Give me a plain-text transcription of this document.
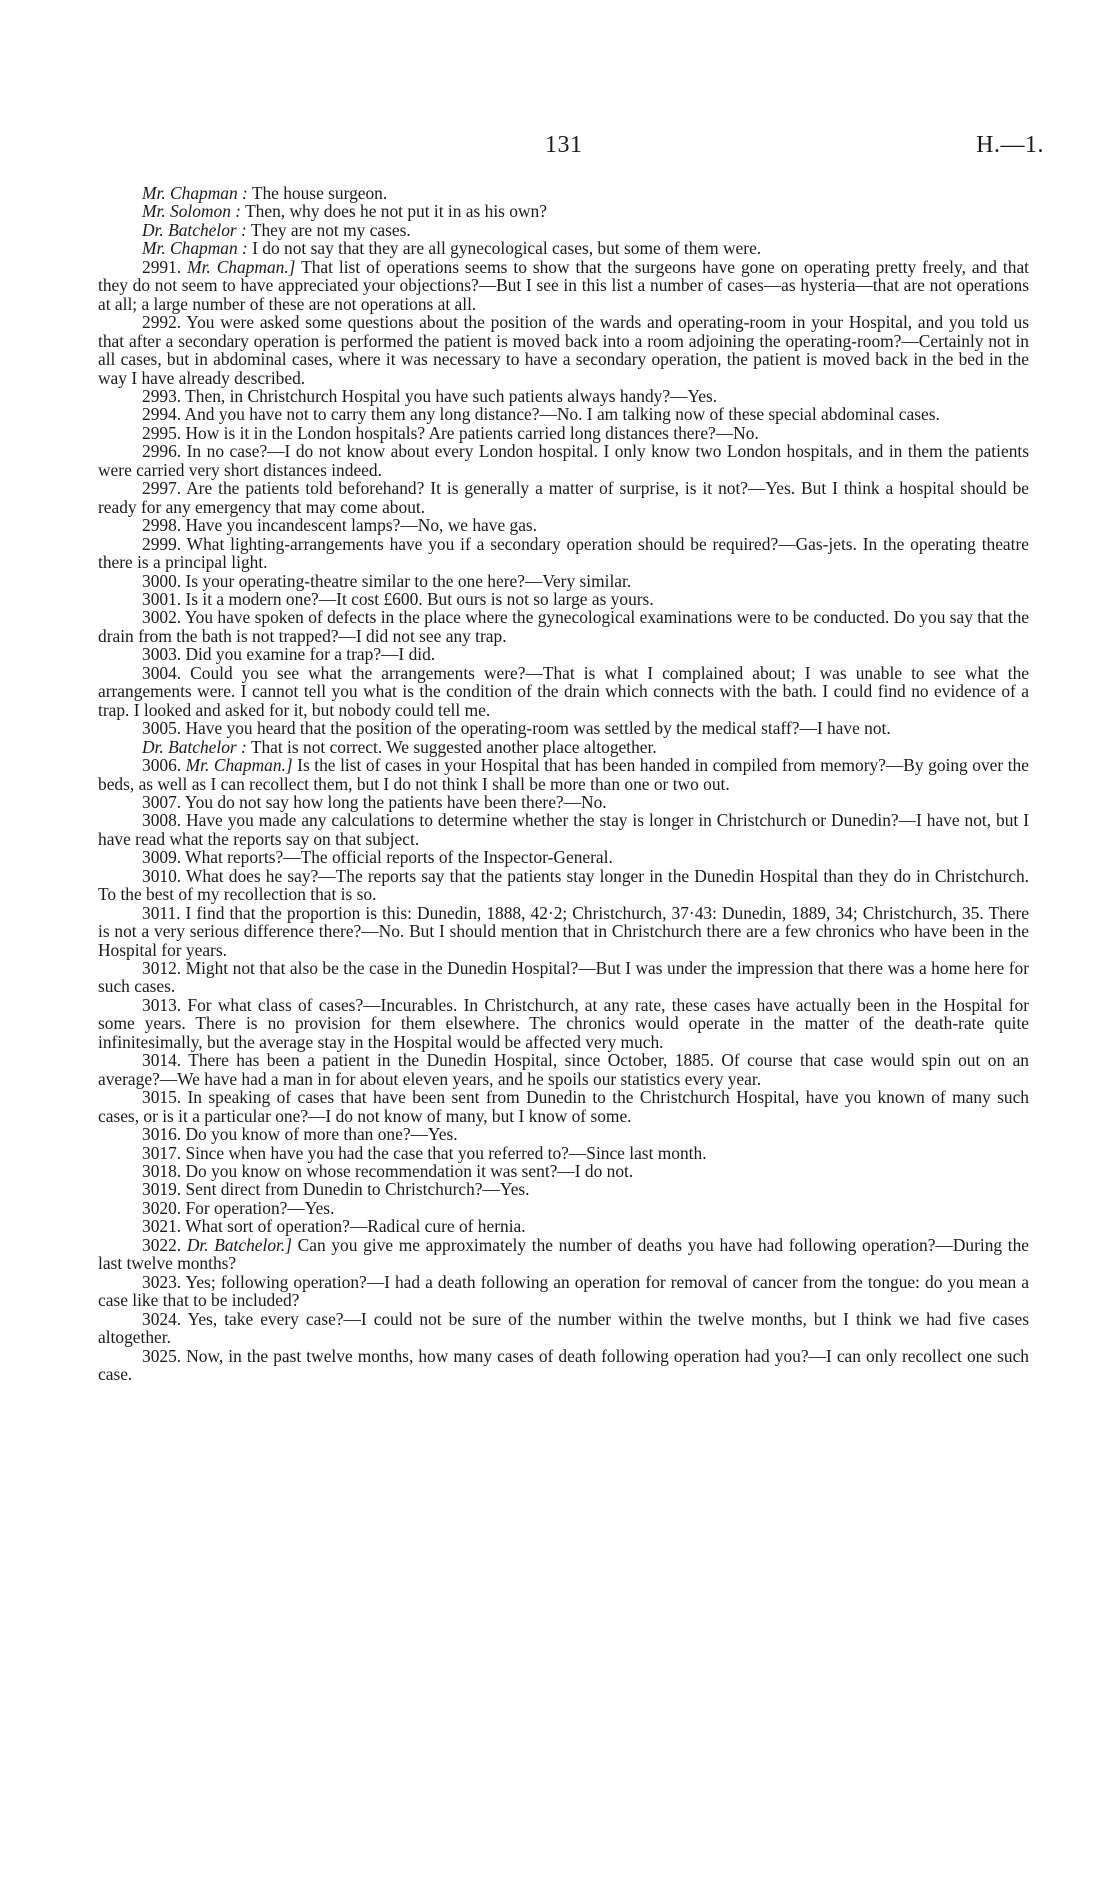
131	H.—1.

Mr. Chapman : The house surgeon.

Mr. Solomon : Then, why does he not put it in as his own?

Dr. Batchelor : They are not my cases.

Mr. Chapman : I do not say that they are all gynecological cases, but some of them were.

2991. Mr. Chapman.] That list of operations seems to show that the surgeons have gone on operating pretty freely, and that they do not seem to have appreciated your objections?—But I see in this list a number of cases—as hysteria—that are not operations at all; a large number of these are not operations at all.

2992. You were asked some questions about the position of the wards and operating-room in your Hospital, and you told us that after a secondary operation is performed the patient is moved back into a room adjoining the operating-room?—Certainly not in all cases, but in abdominal cases, where it was necessary to have a secondary operation, the patient is moved back in the bed in the way I have already described.

2993. Then, in Christchurch Hospital you have such patients always handy?—Yes.

2994. And you have not to carry them any long distance?—No. I am talking now of these special abdominal cases.

2995. How is it in the London hospitals? Are patients carried long distances there?—No.

2996. In no case?—I do not know about every London hospital. I only know two London hospitals, and in them the patients were carried very short distances indeed.

2997. Are the patients told beforehand? It is generally a matter of surprise, is it not?—Yes. But I think a hospital should be ready for any emergency that may come about.

2998. Have you incandescent lamps?—No, we have gas.

2999. What lighting-arrangements have you if a secondary operation should be required?—Gas-jets. In the operating theatre there is a principal light.

3000. Is your operating-theatre similar to the one here?—Very similar.

3001. Is it a modern one?—It cost £600. But ours is not so large as yours.

3002. You have spoken of defects in the place where the gynecological examinations were to be conducted. Do you say that the drain from the bath is not trapped?—I did not see any trap.

3003. Did you examine for a trap?—I did.

3004. Could you see what the arrangements were?—That is what I complained about; I was unable to see what the arrangements were. I cannot tell you what is the condition of the drain which connects with the bath. I could find no evidence of a trap. I looked and asked for it, but nobody could tell me.

3005. Have you heard that the position of the operating-room was settled by the medical staff?—I have not.

Dr. Batchelor : That is not correct. We suggested another place altogether.

3006. Mr. Chapman.] Is the list of cases in your Hospital that has been handed in compiled from memory?—By going over the beds, as well as I can recollect them, but I do not think I shall be more than one or two out.

3007. You do not say how long the patients have been there?—No.

3008. Have you made any calculations to determine whether the stay is longer in Christchurch or Dunedin?—I have not, but I have read what the reports say on that subject.

3009. What reports?—The official reports of the Inspector-General.

3010. What does he say?—The reports say that the patients stay longer in the Dunedin Hospital than they do in Christchurch. To the best of my recollection that is so.

3011. I find that the proportion is this: Dunedin, 1888, 42·2; Christchurch, 37·43: Dunedin, 1889, 34; Christchurch, 35. There is not a very serious difference there?—No. But I should mention that in Christchurch there are a few chronics who have been in the Hospital for years.

3012. Might not that also be the case in the Dunedin Hospital?—But I was under the impression that there was a home here for such cases.

3013. For what class of cases?—Incurables. In Christchurch, at any rate, these cases have actually been in the Hospital for some years. There is no provision for them elsewhere. The chronics would operate in the matter of the death-rate quite infinitesimally, but the average stay in the Hospital would be affected very much.

3014. There has been a patient in the Dunedin Hospital, since October, 1885. Of course that case would spin out on an average?—We have had a man in for about eleven years, and he spoils our statistics every year.

3015. In speaking of cases that have been sent from Dunedin to the Christchurch Hospital, have you known of many such cases, or is it a particular one?—I do not know of many, but I know of some.

3016. Do you know of more than one?—Yes.

3017. Since when have you had the case that you referred to?—Since last month.

3018. Do you know on whose recommendation it was sent?—I do not.

3019. Sent direct from Dunedin to Christchurch?—Yes.

3020. For operation?—Yes.

3021. What sort of operation?—Radical cure of hernia.

3022. Dr. Batchelor.] Can you give me approximately the number of deaths you have had following operation?—During the last twelve months?

3023. Yes; following operation?—I had a death following an operation for removal of cancer from the tongue: do you mean a case like that to be included?

3024. Yes, take every case?—I could not be sure of the number within the twelve months, but I think we had five cases altogether.

3025. Now, in the past twelve months, how many cases of death following operation had you?—I can only recollect one such case.
